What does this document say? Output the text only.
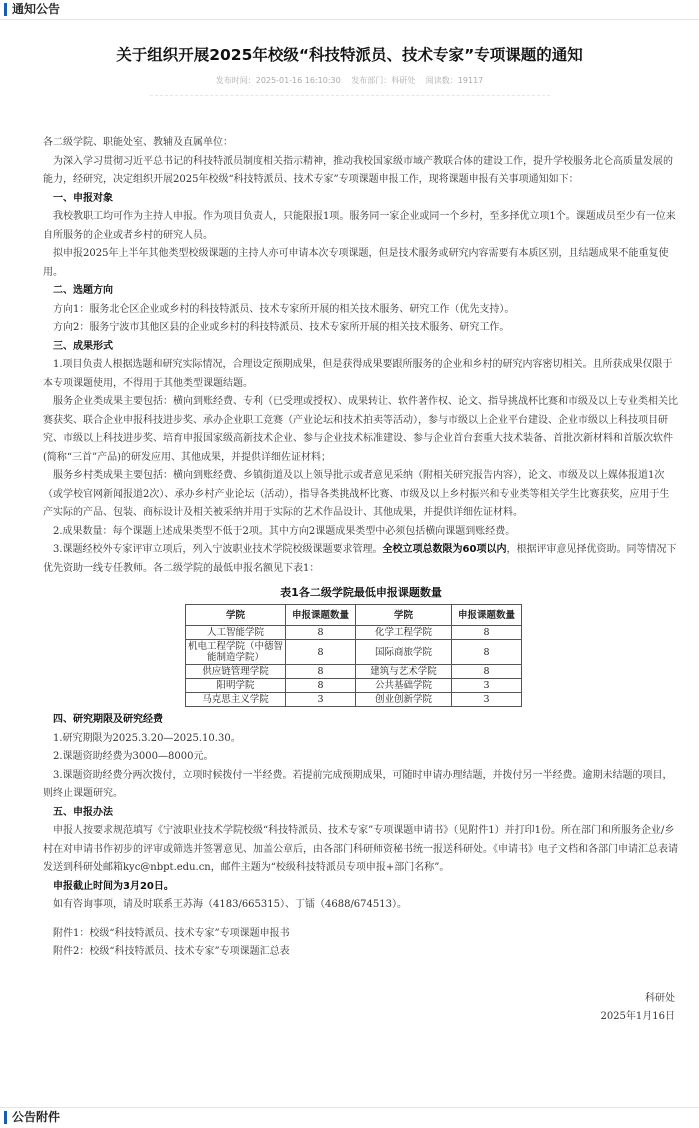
通知公告
关于组织开展2025年校级“科技特派员、技术专家”专项课题的通知
发布时间：2025-01-16 16:10:30 发布部门：科研处 阅读数：19117

各二级学院、职能处室、教辅及直属单位：

为深入学习贯彻习近平总书记的科技特派员制度相关指示精神，推动我校国家级市域产教联合体的建设工作，提升学校服务北仑高质量发展的能力，经研究，决定组织开展2025年校级“科技特派员、技术专家”专项课题申报工作，现将课题申报有关事项通知如下：

一、申报对象

我校教职工均可作为主持人申报。作为项目负责人，只能限报1项。服务同一家企业或同一个乡村，至多择优立项1个。课题成员至少有一位来自所服务的企业或者乡村的研究人员。

拟申报2025年上半年其他类型校级课题的主持人亦可申请本次专项课题，但是技术服务或研究内容需要有本质区别，且结题成果不能重复使用。

二、选题方向

方向1：服务北仑区企业或乡村的科技特派员、技术专家所开展的相关技术服务、研究工作（优先支持）。

方向2：服务宁波市其他区县的企业或乡村的科技特派员、技术专家所开展的相关技术服务、研究工作。

三、成果形式

1.项目负责人根据选题和研究实际情况，合理设定预期成果，但是获得成果要跟所服务的企业和乡村的研究内容密切相关。且所获成果仅限于本专项课题使用，不得用于其他类型课题结题。

服务企业类成果主要包括：横向到账经费、专利（已受理或授权）、成果转让、软件著作权、论文、指导挑战杯比赛和市级及以上专业类相关比赛获奖、联合企业申报科技进步奖、承办企业职工竞赛（产业论坛和技术拍卖等活动），参与市级以上企业平台建设、企业市级以上科技项目研究、市级以上科技进步奖、培育申报国家级高新技术企业、参与企业技术标准建设、参与企业首台套重大技术装备、首批次新材料和首版次软件(简称“三首”产品)的研发应用、其他成果，并提供详细佐证材料；

服务乡村类成果主要包括：横向到账经费、乡镇街道及以上领导批示或者意见采纳（附相关研究报告内容），论文、市级及以上媒体报道1次（或学校官网新闻报道2次）、承办乡村产业论坛（活动），指导各类挑战杯比赛、市级及以上乡村振兴和专业类等相关学生比赛获奖，应用于生产实际的产品、包装、商标设计及相关被采纳并用于实际的艺术作品设计、其他成果，并提供详细佐证材料。

2.成果数量：每个课题上述成果类型不低于2项。其中方向2课题成果类型中必须包括横向课题到账经费。

3.课题经校外专家评审立项后，列入宁波职业技术学院校级课题要求管理。全校立项总数限为60项以内，根据评审意见择优资助。同等情况下优先资助一线专任教师。各二级学院的最低申报名额见下表1：

表1各二级学院最低申报课题数量

学院	申报课题数量	学院	申报课题数量
人工智能学院	8	化学工程学院	8
机电工程学院（中德智能制造学院）	8	国际商旅学院	8
供应链管理学院	8	建筑与艺术学院	8
阳明学院	8	公共基础学院	3
马克思主义学院	3	创业创新学院	3

四、研究期限及研究经费

1.研究期限为2025.3.20—2025.10.30。

2.课题资助经费为3000—8000元。

3.课题资助经费分两次拨付，立项时候拨付一半经费。若提前完成预期成果，可随时申请办理结题，并拨付另一半经费。逾期未结题的项目，则终止课题研究。

五、申报办法

申报人按要求规范填写《宁波职业技术学院校级“科技特派员、技术专家”专项课题申请书》（见附件1）并打印1份。所在部门和所服务企业/乡村在对申请书作初步的评审或筛选并签署意见、加盖公章后，由各部门科研师资秘书统一报送科研处。《申请书》电子文档和各部门申请汇总表请发送到科研处邮箱kyc@nbpt.edu.cn，邮件主题为“校级科技特派员专项申报+部门名称”。

申报截止时间为3月20日。

如有咨询事项，请及时联系王苏海（4183/665315）、丁镭（4688/674513）。

附件1：校级“科技特派员、技术专家”专项课题申报书

附件2：校级“科技特派员、技术专家”专项课题汇总表

科研处

2025年1月16日

公告附件
